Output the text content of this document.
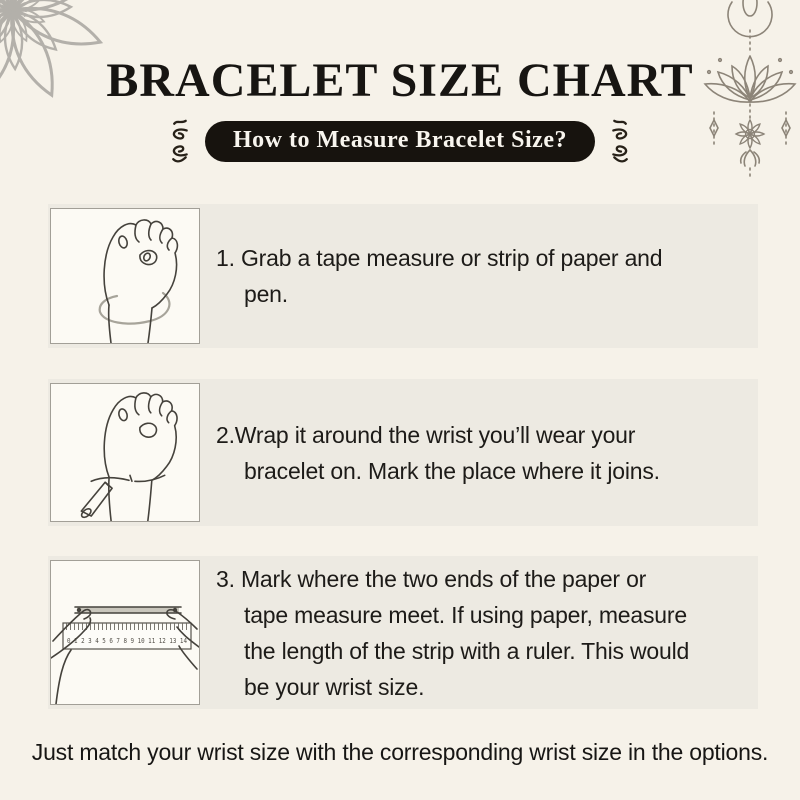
BRACELET SIZE CHART
How to Measure Bracelet Size?
1. Grab a tape measure or strip of paper and
pen.
2.Wrap it around the wrist you’ll wear your
bracelet on. Mark the place where it joins.
0 1 2 3 4 5 6 7 8 9 10 11 12 13 14
3. Mark where the two ends of the paper or
tape measure meet. If using paper, measure
the length of the strip with a ruler. This would
be your wrist size.

Just match your wrist size with the corresponding wrist size in the options.
